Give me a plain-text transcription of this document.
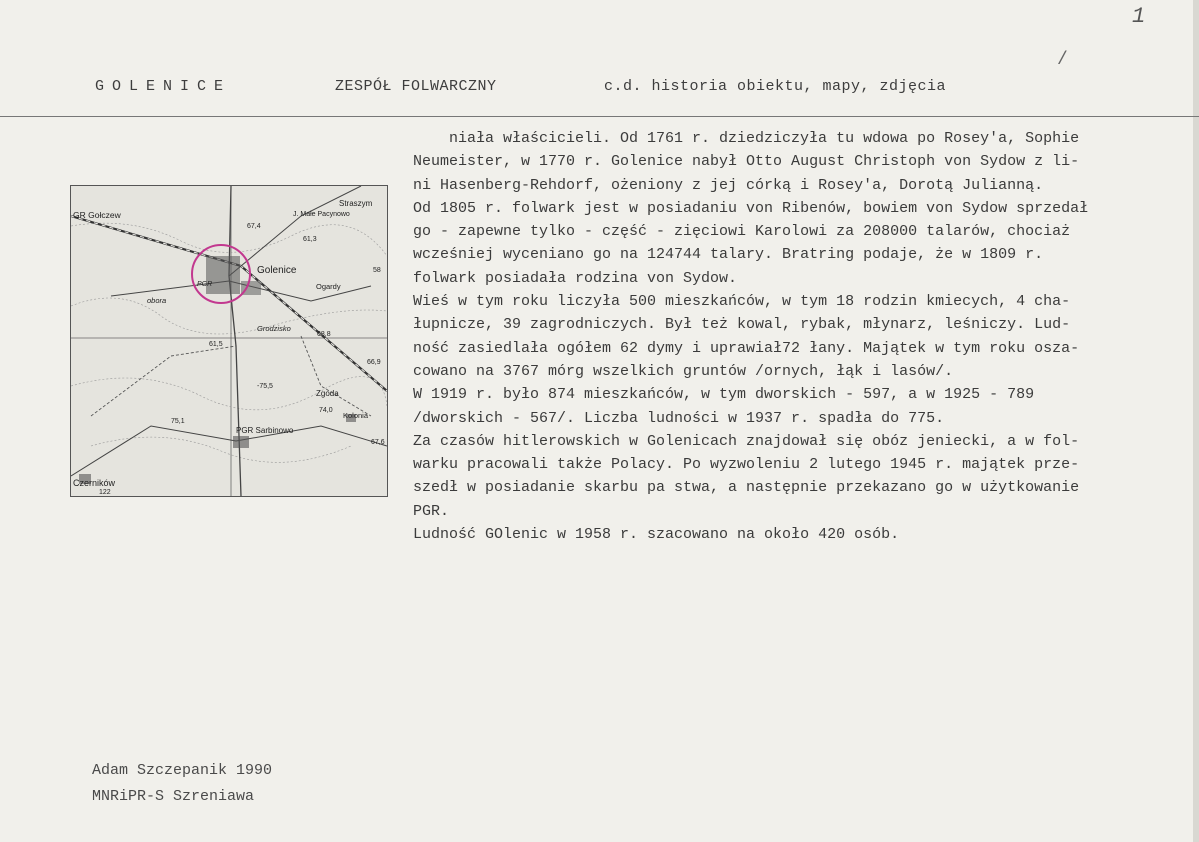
1
/
GOLENICE	ZESPÓŁ FOLWARCZNY	c.d. historia obiektu, mapy, zdjęcia
GR Gołczew
Golenice
Straszym
J. Małe Pacynowo
Ogardy
obora
PGR
Grodzisko
Zgoda
Kolonia
PGR Sarbinowo
Czerników
67,4
61,3
68,8
66,9
-75,5
74,0
75,1
67,6
61,5
58
122
niała właścicieli. Od 1761 r. dziedziczyła tu wdowa po Rosey'a, Sophie
Neumeister, w 1770 r. Golenice nabył Otto August Christoph von Sydow z li-
ni Hasenberg-Rehdorf, ożeniony z jej córką i Rosey'a, Dorotą Julianną.
Od 1805 r. folwark jest w posiadaniu von Ribenów, bowiem von Sydow sprzedał
go - zapewne tylko - część - zięciowi Karolowi za 208000 talarów, chociaż
wcześniej wyceniano go na 124744 talary. Bratring podaje, że w 1809 r.
folwark posiadała rodzina von Sydow.
Wieś w tym roku liczyła 500 mieszkańców, w tym 18 rodzin kmiecych, 4 cha-
łupnicze, 39 zagrodniczych. Był też kowal, rybak, młynarz, leśniczy. Lud-
ność zasiedlała ogółem 62 dymy i uprawiał72 łany. Majątek w tym roku osza-
cowano na 3767 mórg wszelkich gruntów /ornych, łąk i lasów/.
W 1919 r. było 874 mieszkańców, w tym dworskich - 597, a w 1925 - 789
/dworskich - 567/. Liczba ludności w 1937 r. spadła do 775.
Za czasów hitlerowskich w Golenicach znajdował się obóz jeniecki, a w fol-
warku pracowali także Polacy. Po wyzwoleniu 2 lutego 1945 r. majątek prze-
szedł w posiadanie skarbu pa stwa, a następnie przekazano go w użytkowanie
PGR.
Ludność GOlenic w 1958 r. szacowano na około 420 osób.
Adam Szczepanik 1990
MNRiPR-S Szreniawa
